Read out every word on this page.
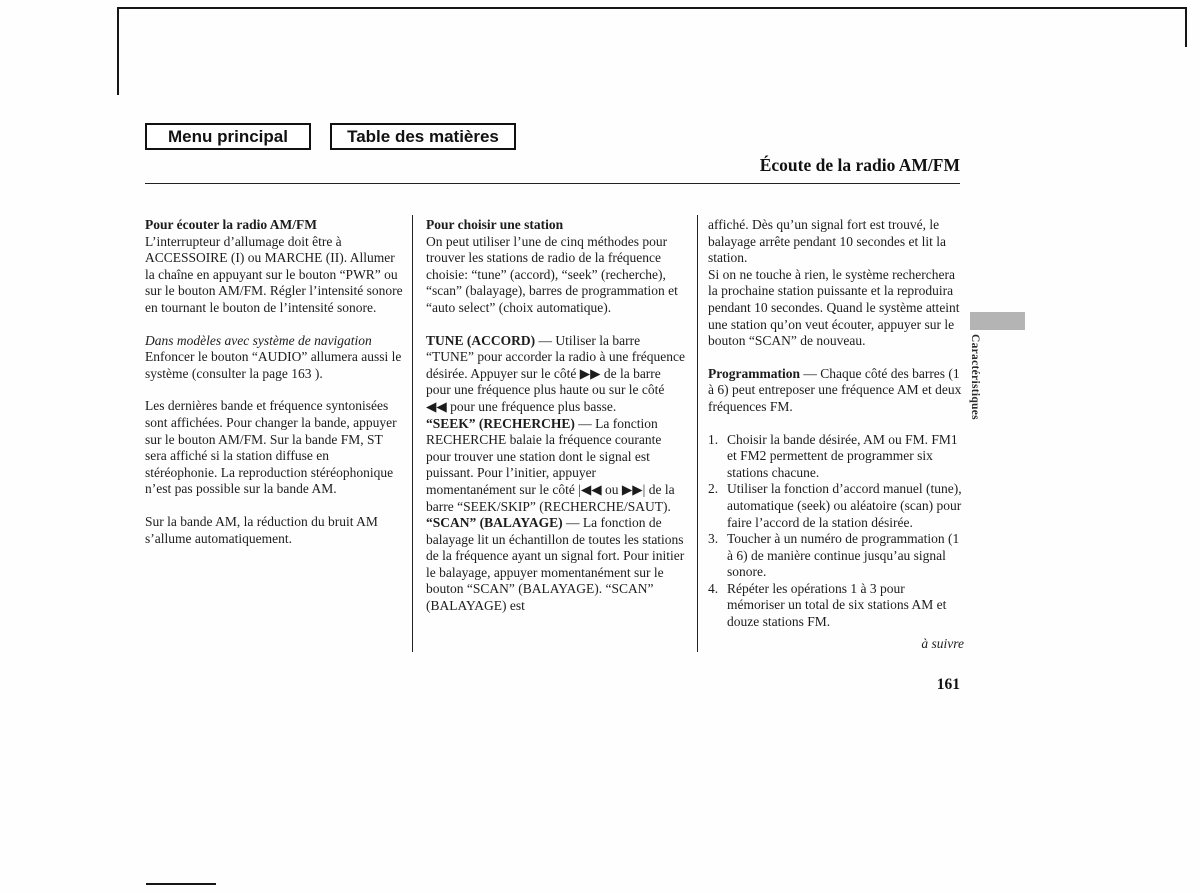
Menu principal	Table des matières
Écoute de la radio AM/FM

Pour écouter la radio AM/FM

L’interrupteur d’allumage doit être à ACCESSOIRE (I) ou MARCHE (II). Allumer la chaîne en appuyant sur le bouton “PWR” ou sur le bouton AM/FM. Régler l’intensité sonore en tournant le bouton de l’intensité sonore.

Dans modèles avec système de navigation

Enfoncer le bouton “AUDIO” allumera aussi le système (consulter la page 163 ).

Les dernières bande et fréquence syntonisées sont affichées. Pour changer la bande, appuyer sur le bouton AM/FM. Sur la bande FM, ST sera affiché si la station diffuse en stéréophonie. La reproduction stéréophonique n’est pas possible sur la bande AM.

Sur la bande AM, la réduction du bruit AM s’allume automatiquement.

Pour choisir une station

On peut utiliser l’une de cinq méthodes pour trouver les stations de radio de la fréquence choisie: “tune” (accord), “seek” (recherche), “scan” (balayage), barres de programmation et “auto select” (choix automatique).

TUNE (ACCORD) — Utiliser la barre “TUNE” pour accorder la radio à une fréquence désirée. Appuyer sur le côté ▶▶ de la barre pour une fréquence plus haute ou sur le côté ◀◀ pour une fréquence plus basse.

“SEEK” (RECHERCHE) — La fonction RECHERCHE balaie la fréquence courante pour trouver une station dont le signal est puissant. Pour l’initier, appuyer momentanément sur le côté |◀◀ ou ▶▶| de la barre “SEEK/SKIP” (RECHERCHE/SAUT).

“SCAN” (BALAYAGE) — La fonction de balayage lit un échantillon de toutes les stations de la fréquence ayant un signal fort. Pour initier le balayage, appuyer momentanément sur le bouton “SCAN” (BALAYAGE). “SCAN” (BALAYAGE) est

affiché. Dès qu’un signal fort est trouvé, le balayage arrête pendant 10 secondes et lit la station.

Si on ne touche à rien, le système recherchera la prochaine station puissante et la reproduira pendant 10 secondes. Quand le système atteint une station qu’on veut écouter, appuyer sur le bouton “SCAN” de nouveau.

Programmation — Chaque côté des barres (1 à 6) peut entreposer une fréquence AM et deux fréquences FM.

1. Choisir la bande désirée, AM ou FM. FM1 et FM2 permettent de programmer six stations chacune.
2. Utiliser la fonction d’accord manuel (tune), automatique (seek) ou aléatoire (scan) pour faire l’accord de la station désirée.
3. Toucher à un numéro de programmation (1 à 6) de manière continue jusqu’au signal sonore.
4. Répéter les opérations 1 à 3 pour mémoriser un total de six stations AM et douze stations FM.
à suivre
Caractéristiques
161
